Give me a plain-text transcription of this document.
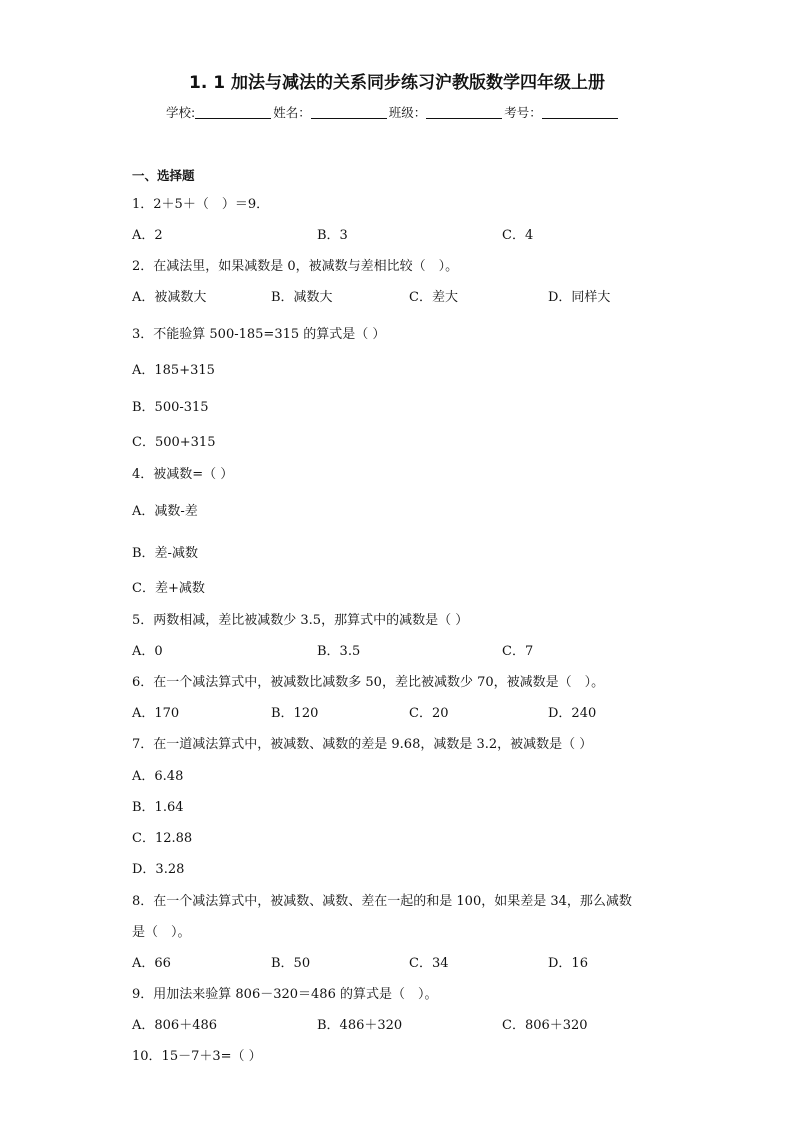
1. 1 加法与减法的关系同步练习沪教版数学四年级上册
学校:	姓名：	班级：	考号：
一、选择题
1．2＋5＋（　）＝9．
A．2	B．3	C．4
2．在减法里，如果减数是 0，被减数与差相比较（　）。
A．被减数大	B．减数大	C．差大	D．同样大
3．不能验算 500-185=315 的算式是（ ）
A．185+315
B．500-315
C．500+315
4．被减数=（ ）
A．减数-差
B．差-减数
C．差+减数
5．两数相减，差比被减数少 3.5，那算式中的减数是（ ）
A．0	B．3.5	C．7
6．在一个减法算式中，被减数比减数多 50，差比被减数少 70，被减数是（　）。
A．170	B．120	C．20	D．240
7．在一道减法算式中，被减数、减数的差是 9.68，减数是 3.2，被减数是（ ）
A．6.48
B．1.64
C．12.88
D．3.28
8．在一个减法算式中，被减数、减数、差在一起的和是 100，如果差是 34，那么减数
是（　）。
A．66	B．50	C．34	D．16
9．用加法来验算 806－320＝486 的算式是（　）。
A．806＋486	B．486＋320	C．806＋320
10．15－7＋3=（ ）
